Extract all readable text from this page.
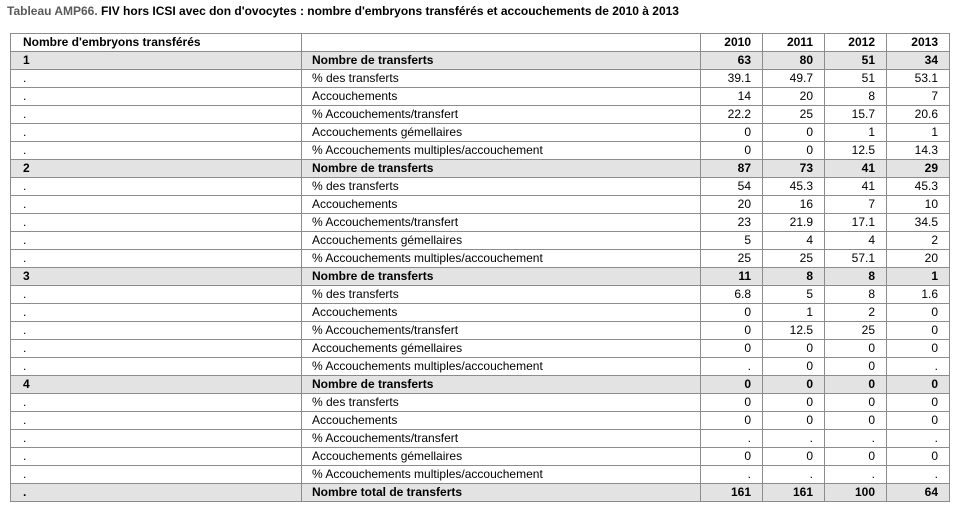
Tableau AMP66. FIV hors ICSI avec don d'ovocytes : nombre d'embryons transférés et accouchements de 2010 à 2013
Nombre d'embryons transférés		2010	2011	2012	2013
1	Nombre de transferts	63	80	51	34
.	% des transferts	39.1	49.7	51	53.1
.	Accouchements	14	20	8	7
.	% Accouchements/transfert	22.2	25	15.7	20.6
.	Accouchements gémellaires	0	0	1	1
.	% Accouchements multiples/accouchement	0	0	12.5	14.3
2	Nombre de transferts	87	73	41	29
.	% des transferts	54	45.3	41	45.3
.	Accouchements	20	16	7	10
.	% Accouchements/transfert	23	21.9	17.1	34.5
.	Accouchements gémellaires	5	4	4	2
.	% Accouchements multiples/accouchement	25	25	57.1	20
3	Nombre de transferts	11	8	8	1
.	% des transferts	6.8	5	8	1.6
.	Accouchements	0	1	2	0
.	% Accouchements/transfert	0	12.5	25	0
.	Accouchements gémellaires	0	0	0	0
.	% Accouchements multiples/accouchement	.	0	0	.
4	Nombre de transferts	0	0	0	0
.	% des transferts	0	0	0	0
.	Accouchements	0	0	0	0
.	% Accouchements/transfert	.	.	.	.
.	Accouchements gémellaires	0	0	0	0
.	% Accouchements multiples/accouchement	.	.	.	.
.	Nombre total de transferts	161	161	100	64
